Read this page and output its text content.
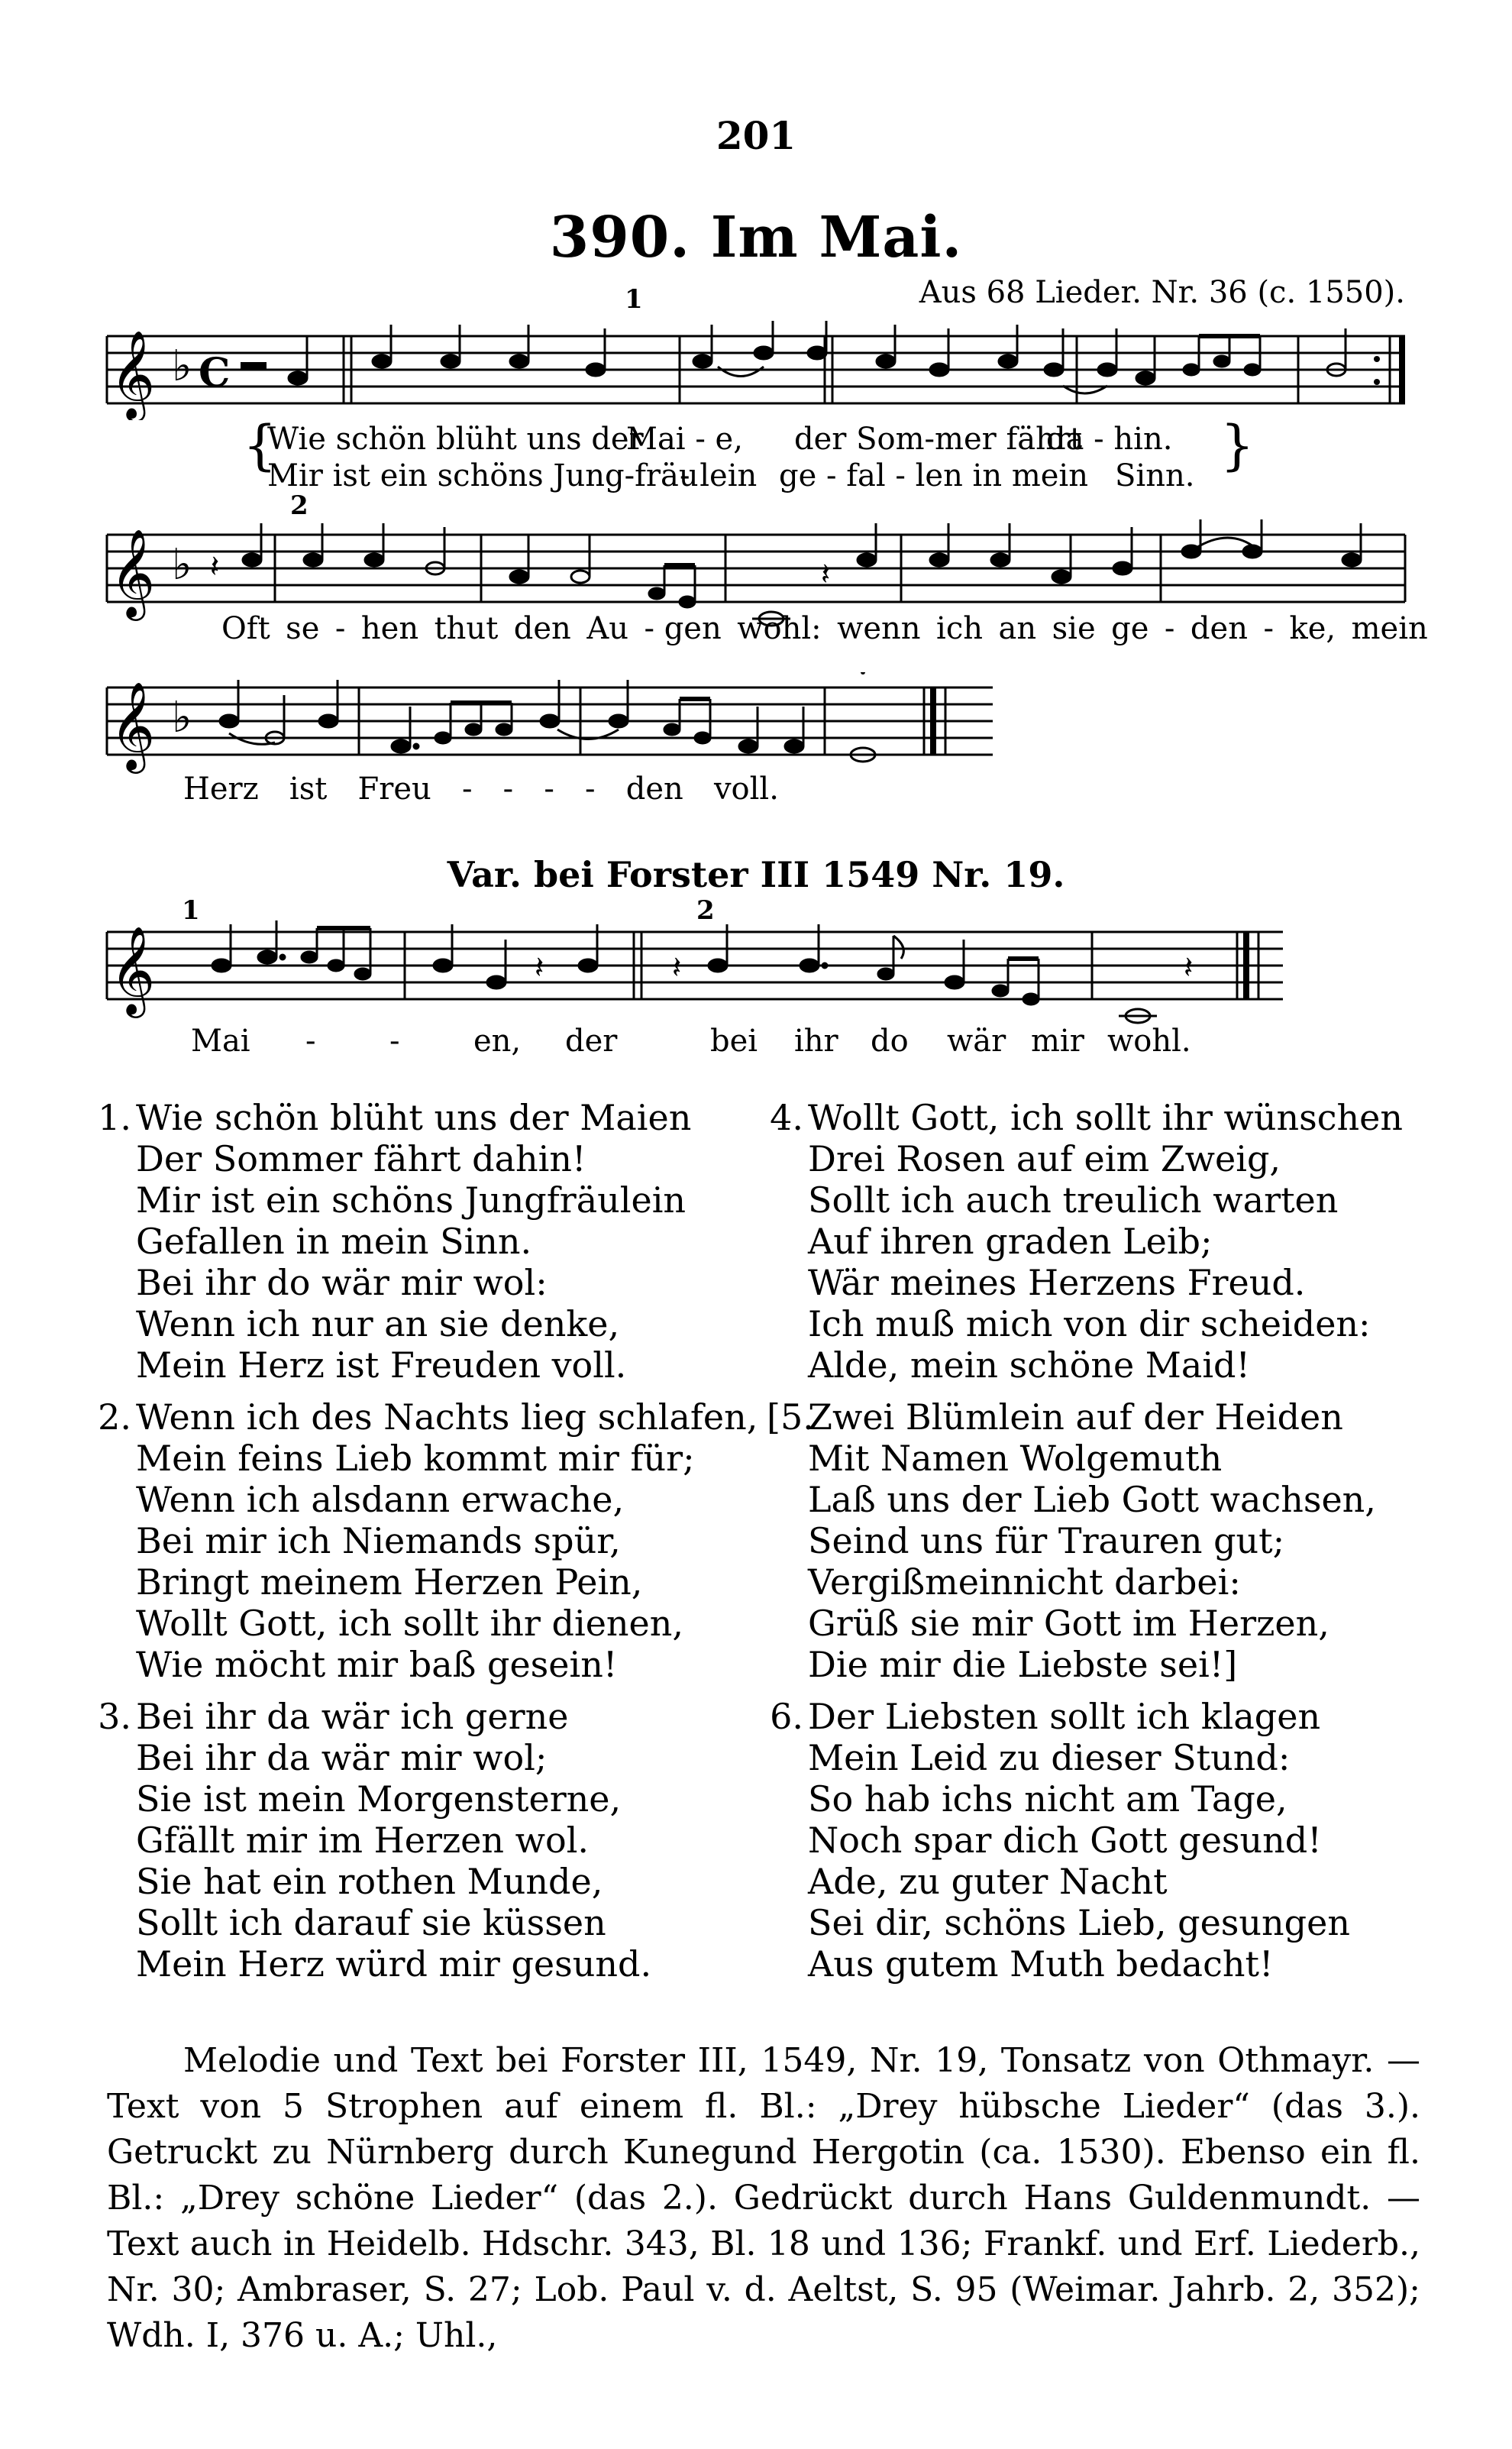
201
390. Im Mai.
1	Aus 68 Lieder. Nr. 36 (c. 1550).
𝄞 ♭ C
{	}
Wie schön blüht uns der
Mai - e, der Som-mer fährt
da - hin.
Mir ist ein schöns Jung-fräu
- lein ge - fal - len in mein Sinn.
2
𝄞 ♭ 𝄽	𝄽
Oft se - hen thut den Au - gen wohl: wenn ich an sie ge - den - ke, mein
𝄞 ♭
Herz ist Freu - - - - den voll.
Var. bei Forster III 1549 Nr. 19.
1	2
𝄞	𝄽	𝄽	𝄽
Mai - - en, der	bei ihr do wär mir wohl.
1. Wie schön blüht uns der Maien
Der Sommer fährt dahin!
Mir ist ein schöns Jungfräulein
Gefallen in mein Sinn.
Bei ihr do wär mir wol:
Wenn ich nur an sie denke,
Mein Herz ist Freuden voll.
2. Wenn ich des Nachts lieg schlafen,
Mein feins Lieb kommt mir für;
Wenn ich alsdann erwache,
Bei mir ich Niemands spür,
Bringt meinem Herzen Pein,
Wollt Gott, ich sollt ihr dienen,
Wie möcht mir baß gesein!
3. Bei ihr da wär ich gerne
Bei ihr da wär mir wol;
Sie ist mein Morgensterne,
Gfällt mir im Herzen wol.
Sie hat ein rothen Munde,
Sollt ich darauf sie küssen
Mein Herz würd mir gesund.
4. Wollt Gott, ich sollt ihr wünschen
Drei Rosen auf eim Zweig,
Sollt ich auch treulich warten
Auf ihren graden Leib;
Wär meines Herzens Freud.
Ich muß mich von dir scheiden:
Alde, mein schöne Maid!
[5.Zwei Blümlein auf der Heiden
Mit Namen Wolgemuth
Laß uns der Lieb Gott wachsen,
Seind uns für Trauren gut;
Vergißmeinnicht darbei:
Grüß sie mir Gott im Herzen,
Die mir die Liebste sei!]
6. Der Liebsten sollt ich klagen
Mein Leid zu dieser Stund:
So hab ichs nicht am Tage,
Noch spar dich Gott gesund!
Ade, zu guter Nacht
Sei dir, schöns Lieb, gesungen
Aus gutem Muth bedacht!
Melodie und Text bei Forster III, 1549, Nr. 19, Tonsatz von Othmayr. — Text von 5 Strophen auf einem fl. Bl.: „Drey hübsche Lieder“ (das 3.). Getruckt zu Nürnberg durch Kunegund Hergotin (ca. 1530). Ebenso ein fl. Bl.: „Drey schöne Lieder“ (das 2.). Gedrückt durch Hans Guldenmundt. — Text auch in Heidelb. Hdschr. 343, Bl. 18 und 136; Frankf. und Erf. Liederb., Nr. 30; Ambraser, S. 27; Lob. Paul v. d. Aeltst, S. 95 (Weimar. Jahrb. 2, 352); Wdh. I, 376 u. A.; Uhl.,
